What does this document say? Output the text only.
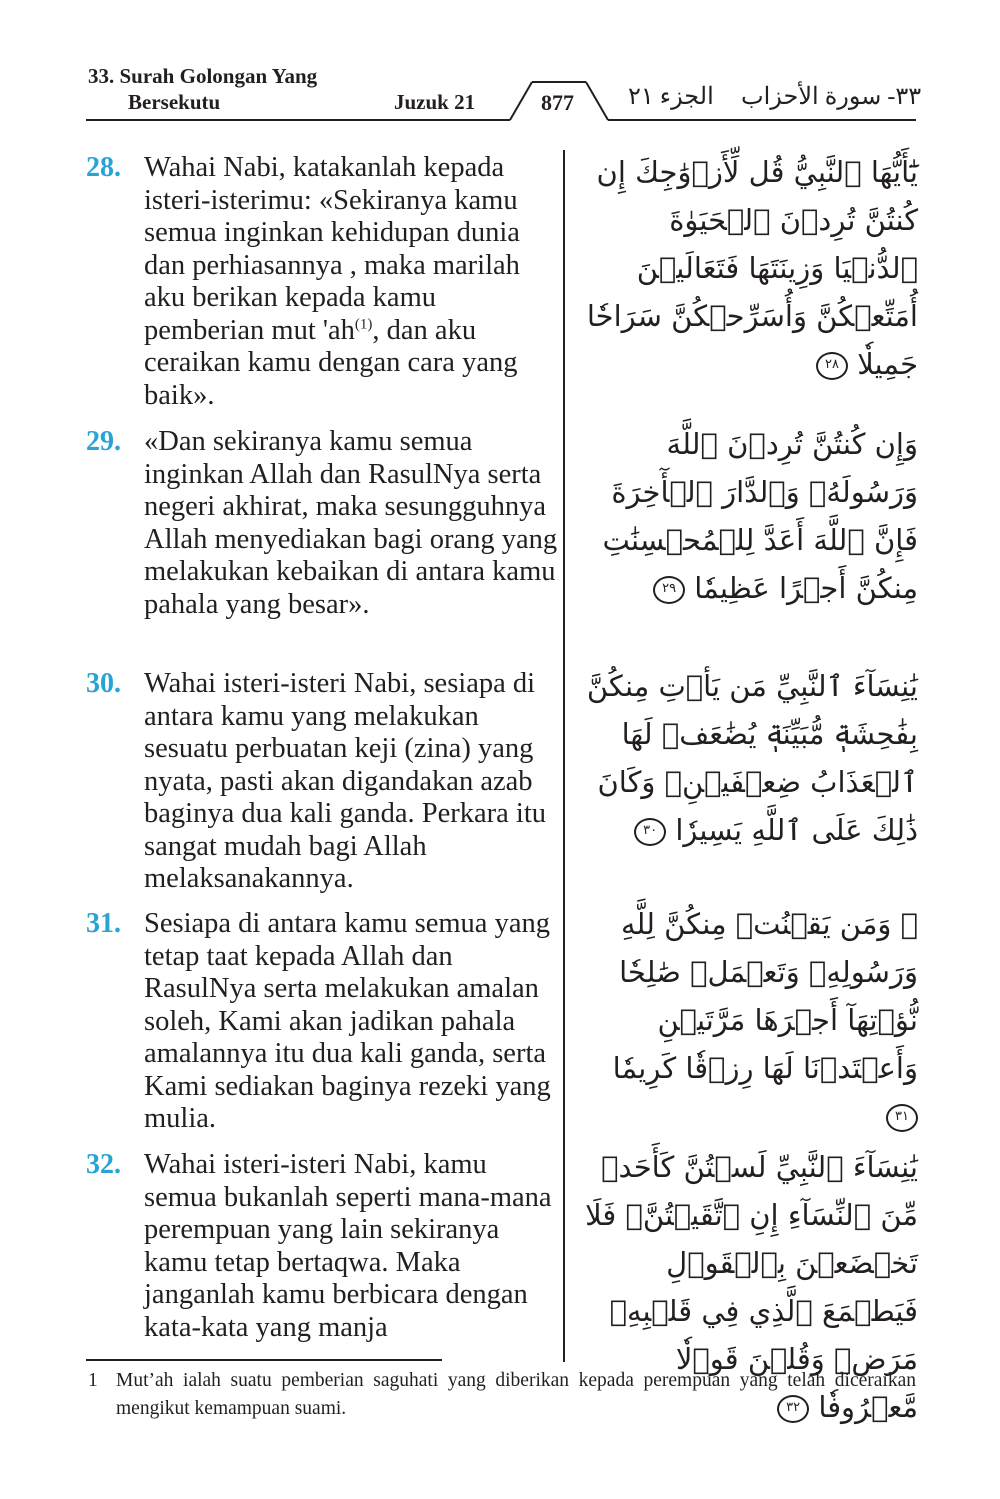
33. Surah Golongan Yang
Bersekutu	Juzuk 21	877 الجزء ٢١ ٣٣- سورة الأحزاب
28. Wahai Nabi, katakanlah kepada isteri-isterimu: «Sekiranya kamu semua inginkan kehidupan dunia dan perhiasannya , maka marilah aku berikan kepada kamu pemberian mut '$ah^{(1)}$, dan aku ceraikan kamu dengan cara yang baik».
يَٰٓأَيُّهَا ٱلنَّبِيُّ قُل لِّأَزۡوَٰجِكَ إِن كُنتُنَّ تُرِدۡنَ ٱلۡحَيَوٰةَ ٱلدُّنۡيَا وَزِينَتَهَا فَتَعَالَيۡنَ أُمَتِّعۡكُنَّ وَأُسَرِّحۡكُنَّ سَرَاحٗا جَمِيلٗا ٢٨
29. «Dan sekiranya kamu semua inginkan Allah dan RasulNya serta negeri akhirat, maka sesungguhnya Allah menyediakan bagi orang yang melakukan kebaikan di antara kamu pahala yang besar».
وَإِن كُنتُنَّ تُرِدۡنَ ٱللَّهَ وَرَسُولَهُۥ وَٱلدَّارَ ٱلۡأٓخِرَةَ فَإِنَّ ٱللَّهَ أَعَدَّ لِلۡمُحۡسِنَٰتِ مِنكُنَّ أَجۡرًا عَظِيمٗا ٢٩
30. Wahai isteri-isteri Nabi, sesiapa di antara kamu yang melakukan sesuatu perbuatan keji (zina) yang nyata, pasti akan digandakan azab baginya dua kali ganda. Perkara itu sangat mudah bagi Allah melaksanakannya.
يَٰنِسَآءَ ٱلنَّبِيِّ مَن يَأۡتِ مِنكُنَّ بِفَٰحِشَةٖ مُّبَيِّنَةٖ يُضَٰعَفۡ لَهَا ٱلۡعَذَابُ ضِعۡفَيۡنِۚ وَكَانَ ذَٰلِكَ عَلَى ٱللَّهِ يَسِيرٗا ٣٠
31. Sesiapa di antara kamu semua yang tetap taat kepada Allah dan RasulNya serta melakukan amalan soleh, Kami akan jadikan pahala amalannya itu dua kali ganda, serta Kami sediakan baginya rezeki yang mulia.
۞ وَمَن يَقۡنُتۡ مِنكُنَّ لِلَّهِ وَرَسُولِهِۦ وَتَعۡمَلۡ صَٰلِحٗا نُّؤۡتِهَآ أَجۡرَهَا مَرَّتَيۡنِ وَأَعۡتَدۡنَا لَهَا رِزۡقٗا كَرِيمٗا ٣١
32. Wahai isteri-isteri Nabi, kamu semua bukanlah seperti mana-mana perempuan yang lain sekiranya kamu tetap bertaqwa. Maka janganlah kamu berbicara dengan kata-kata yang manja
يَٰنِسَآءَ ٱلنَّبِيِّ لَسۡتُنَّ كَأَحَدٖ مِّنَ ٱلنِّسَآءِ إِنِ ٱتَّقَيۡتُنَّۚ فَلَا تَخۡضَعۡنَ بِٱلۡقَوۡلِ فَيَطۡمَعَ ٱلَّذِي فِي قَلۡبِهِۦ مَرَضٞ وَقُلۡنَ قَوۡلٗا مَّعۡرُوفٗا ٣٢
1 Mut’ah ialah suatu pemberian saguhati yang diberikan kepada perempuan yang telah diceraikan mengikut kemampuan suami.
